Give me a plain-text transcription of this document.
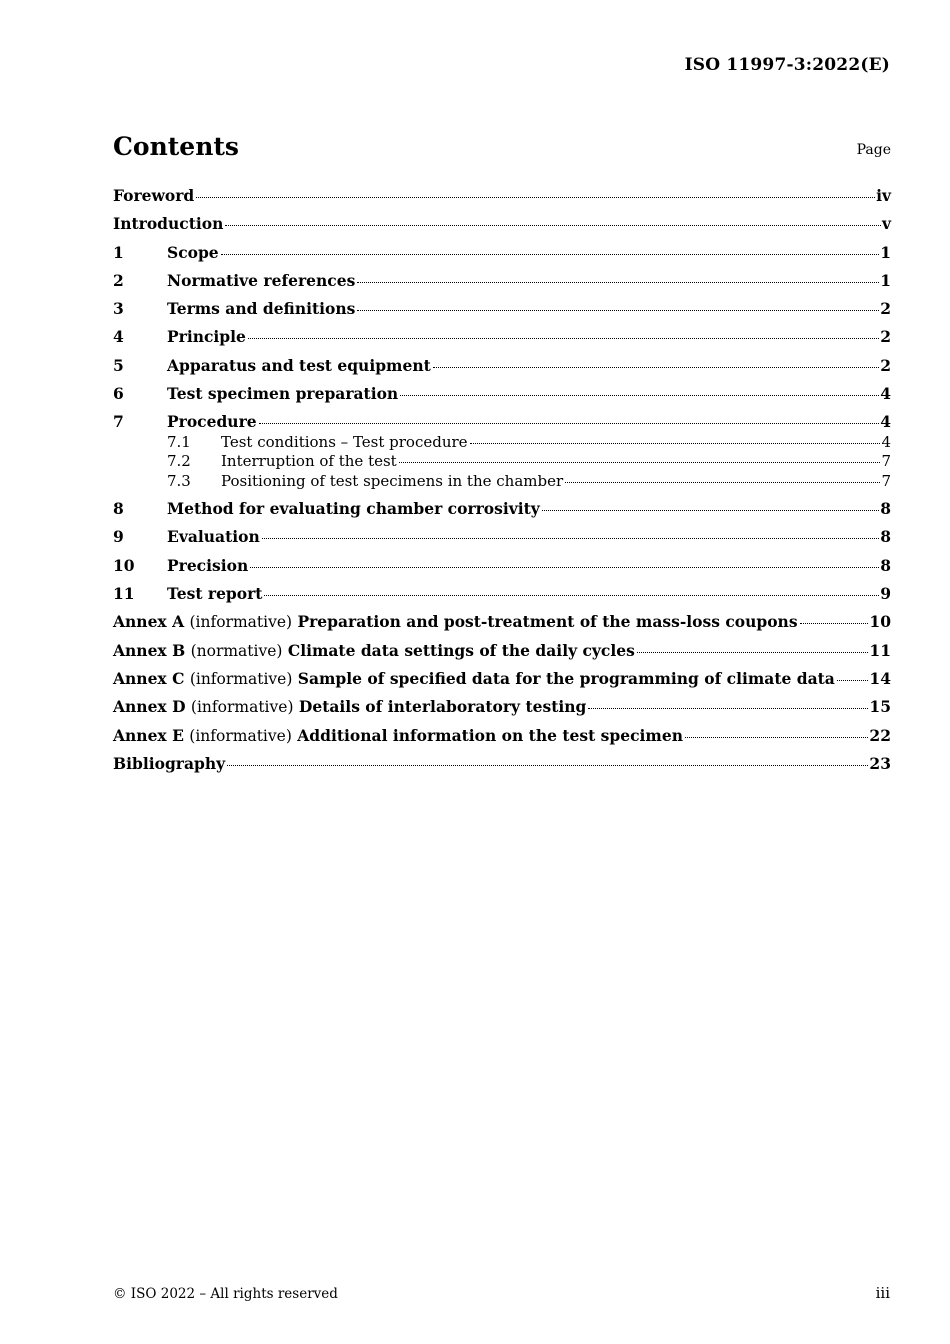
ISO 11997-3:2022(E)
Contents	Page
Foreword	iv
Introduction	v
1	Scope	1
2	Normative references	1
3	Terms and definitions	2
4	Principle	2
5	Apparatus and test equipment	2
6	Test specimen preparation	4
7	Procedure	4
7.1	Test conditions – Test procedure	4
7.2	Interruption of the test	7
7.3	Positioning of test specimens in the chamber	7
8	Method for evaluating chamber corrosivity	8
9	Evaluation	8
10	Precision	8
11	Test report	9
Annex A (informative) Preparation and post-treatment of the mass-loss coupons	10
Annex B (normative) Climate data settings of the daily cycles	11
Annex C (informative) Sample of specified data for the programming of climate data 14
Annex D (informative) Details of interlaboratory testing	15
Annex E (informative) Additional information on the test specimen	22
Bibliography	23
© ISO 2022 – All rights reserved	iii
